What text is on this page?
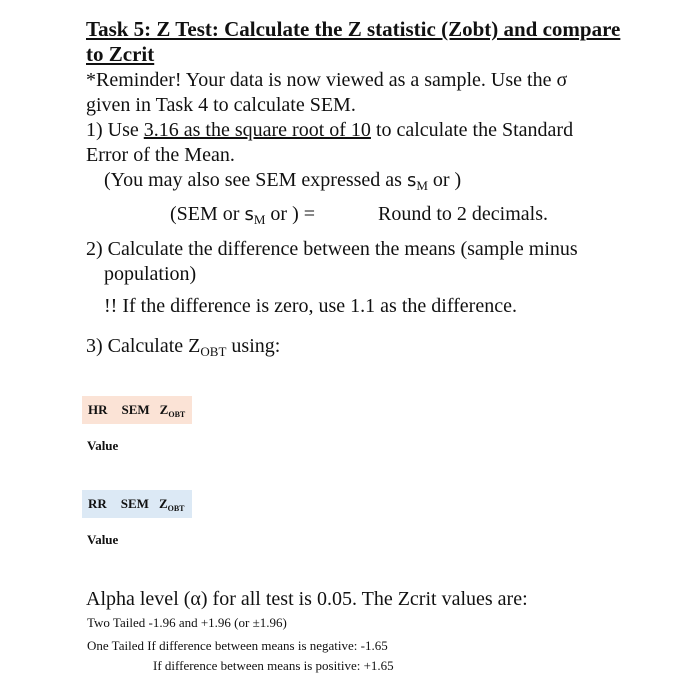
Task 5: Z Test: Calculate the Z statistic (Zobt) and compare
to Zcrit
*Reminder! Your data is now viewed as a sample. Use the σ
given in Task 4 to calculate SEM.
1) Use 3.16 as the square root of 10 to calculate the Standard
Error of the Mean.
(You may also see SEM expressed as $s_M$ or )
(SEM or $s_M$ or ) =	Round to 2 decimals.
2) Calculate the difference between the means (sample minus
population)
!! If the difference is zero, use 1.1 as the difference.
3) Calculate $Z_{OBT}$ using:
HR SEM $Z_{OBT}$
Value
RR SEM $Z_{OBT}$
Value
Alpha level (α) for all test is 0.05. The Zcrit values are:
Two Tailed -1.96 and +1.96 (or ±1.96)
One Tailed If difference between means is negative: -1.65
If difference between means is positive: +1.65
